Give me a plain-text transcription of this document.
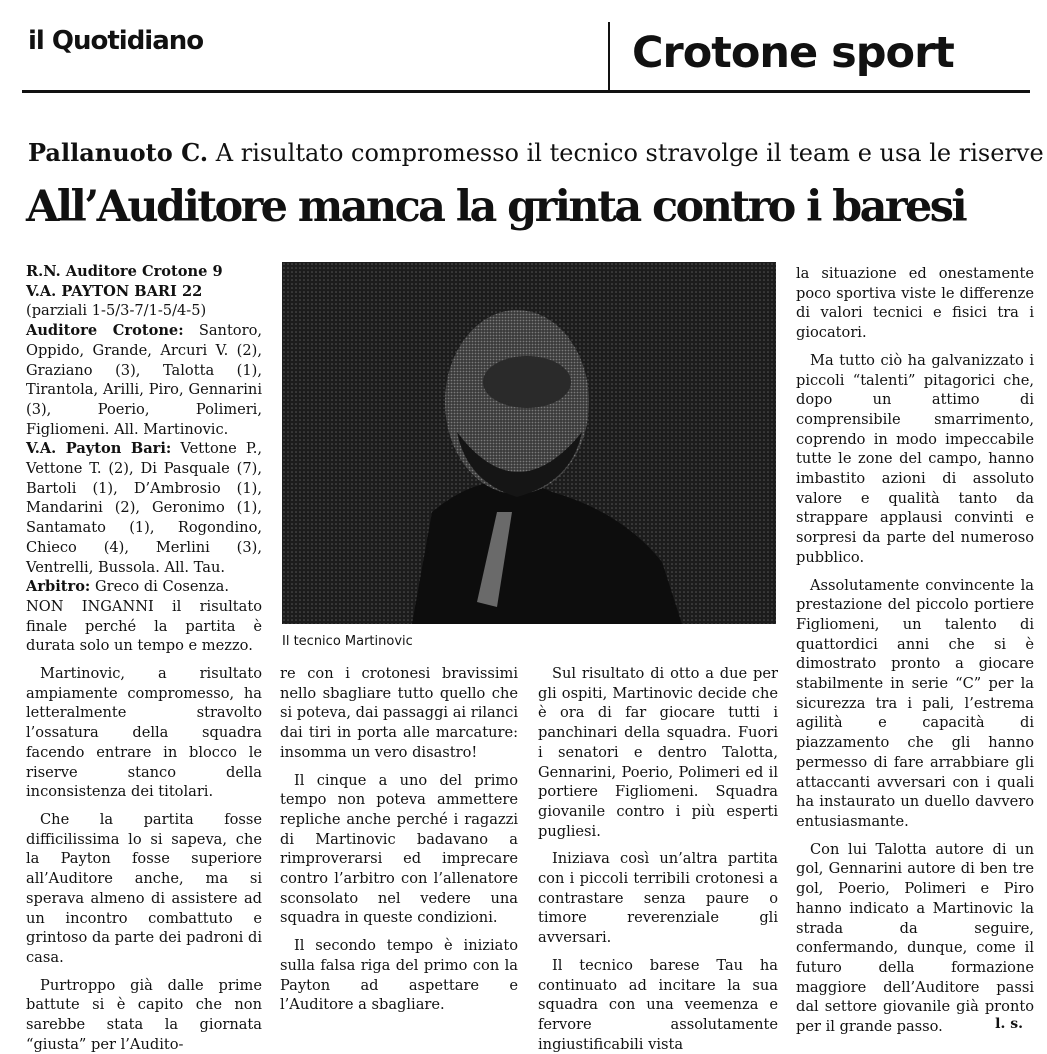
il Quotidiano	Crotone sport
Pallanuoto C. A risultato compromesso il tecnico stravolge il team e usa le riserve
All’Auditore manca la grinta contro i baresi

R.N. Auditore Crotone 9

V.A. PAYTON BARI 22

(parziali 1-5/3-7/1-5/4-5)

Auditore Crotone: Santoro, Oppido, Grande, Arcuri V. (2), Graziano (3), Talotta (1), Tirantola, Arilli, Piro, Gennarini (3), Poerio, Polimeri, Figliomeni. All. Martinovic.

V.A. Payton Bari: Vettone P., Vettone T. (2), Di Pasquale (7), Bartoli (1), D’Ambrosio (1), Mandarini (2), Geronimo (1), Santamato (1), Rogondino, Chieco (4), Merlini (3), Ventrelli, Bussola. All. Tau.

Arbitro: Greco di Cosenza.

NON INGANNI il risultato finale perché la partita è durata solo un tempo e mezzo.

Martinovic, a risultato ampiamente compromesso, ha letteralmente stravolto l’ossatura della squadra facendo entrare in blocco le riserve stanco della inconsistenza dei titolari.

Che la partita fosse difficilissima lo si sapeva, che la Payton fosse superiore all’Auditore anche, ma si sperava almeno di assistere ad un incontro combattuto e grintoso da parte dei padroni di casa.

Purtroppo già dalle prime battute si è capito che non sarebbe stata la giornata “giusta” per l’Audito-

Il tecnico Martinovic

re con i crotonesi bravissimi nello sbagliare tutto quello che si poteva, dai passaggi ai rilanci dai tiri in porta alle marcature: insomma un vero disastro!

Il cinque a uno del primo tempo non poteva ammettere repliche anche perché i ragazzi di Martinovic badavano a rimproverarsi ed imprecare contro l’arbitro con l’allenatore sconsolato nel vedere una squadra in queste condizioni.

Il secondo tempo è iniziato sulla falsa riga del primo con la Payton ad aspettare e l’Auditore a sbagliare.

Sul risultato di otto a due per gli ospiti, Martinovic decide che è ora di far giocare tutti i panchinari della squadra. Fuori i senatori e dentro Talotta, Gennarini, Poerio, Polimeri ed il portiere Figliomeni. Squadra giovanile contro i più esperti pugliesi.

Iniziava così un’altra partita con i piccoli terribili crotonesi a contrastare senza paure o timore reverenziale gli avversari.

Il tecnico barese Tau ha continuato ad incitare la sua squadra con una veemenza e fervore assolutamente ingiustificabili vista

la situazione ed onestamente poco sportiva viste le differenze di valori tecnici e fisici tra i giocatori.

Ma tutto ciò ha galvanizzato i piccoli “talenti” pitagorici che, dopo un attimo di comprensibile smarrimento, coprendo in modo impeccabile tutte le zone del campo, hanno imbastito azioni di assoluto valore e qualità tanto da strappare applausi convinti e sorpresi da parte del numeroso pubblico.

Assolutamente convincente la prestazione del piccolo portiere Figliomeni, un talento di quattordici anni che si è dimostrato pronto a giocare stabilmente in serie “C” per la sicurezza tra i pali, l’estrema agilità e capacità di piazzamento che gli hanno permesso di fare arrabbiare gli attaccanti avversari con i quali ha instaurato un duello davvero entusiasmante.

Con lui Talotta autore di un gol, Gennarini autore di ben tre gol, Poerio, Polimeri e Piro hanno indicato a Martinovic la strada da seguire, confermando, dunque, come il futuro della formazione maggiore dell’Auditore passi dal settore giovanile già pronto per il grande passo.	l. s.
